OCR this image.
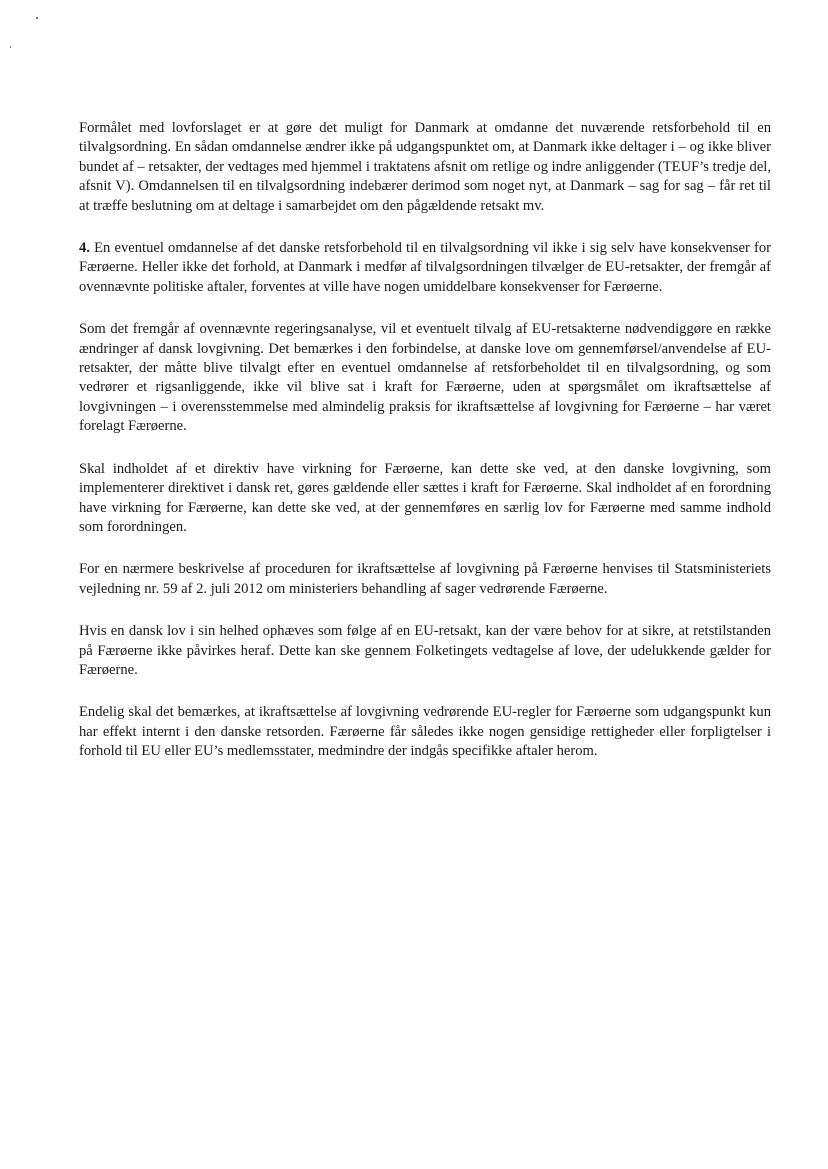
Formålet med lovforslaget er at gøre det muligt for Danmark at omdanne det nuværende retsforbehold til en tilvalgsordning. En sådan omdannelse ændrer ikke på udgangspunktet om, at Danmark ikke deltager i – og ikke bliver bundet af – retsakter, der vedtages med hjemmel i traktatens afsnit om retlige og indre anliggender (TEUF’s tredje del, afsnit V). Omdannelsen til en tilvalgsordning indebærer derimod som noget nyt, at Danmark – sag for sag – får ret til at træffe beslutning om at deltage i samarbejdet om den pågældende retsakt mv.

4. En eventuel omdannelse af det danske retsforbehold til en tilvalgsordning vil ikke i sig selv have konsekvenser for Færøerne. Heller ikke det forhold, at Danmark i medfør af tilvalgsordningen tilvælger de EU-retsakter, der fremgår af ovennævnte politiske aftaler, forventes at ville have nogen umiddelbare konsekvenser for Færøerne.

Som det fremgår af ovennævnte regeringsanalyse, vil et eventuelt tilvalg af EU-retsakterne nødvendiggøre en række ændringer af dansk lovgivning. Det bemærkes i den forbindelse, at danske love om gennemførsel/anvendelse af EU-retsakter, der måtte blive tilvalgt efter en eventuel omdannelse af retsforbeholdet til en tilvalgsordning, og som vedrører et rigsanliggende, ikke vil blive sat i kraft for Færøerne, uden at spørgsmålet om ikraftsættelse af lovgivningen – i overensstemmelse med almindelig praksis for ikraftsættelse af lovgivning for Færøerne – har været forelagt Færøerne.

Skal indholdet af et direktiv have virkning for Færøerne, kan dette ske ved, at den danske lovgivning, som implementerer direktivet i dansk ret, gøres gældende eller sættes i kraft for Færøerne. Skal indholdet af en forordning have virkning for Færøerne, kan dette ske ved, at der gennemføres en særlig lov for Færøerne med samme indhold som forordningen.

For en nærmere beskrivelse af proceduren for ikraftsættelse af lovgivning på Færøerne henvises til Statsministeriets vejledning nr. 59 af 2. juli 2012 om ministeriers behandling af sager vedrørende Færøerne.

Hvis en dansk lov i sin helhed ophæves som følge af en EU-retsakt, kan der være behov for at sikre, at retstilstanden på Færøerne ikke påvirkes heraf. Dette kan ske gennem Folketingets vedtagelse af love, der udelukkende gælder for Færøerne.

Endelig skal det bemærkes, at ikraftsættelse af lovgivning vedrørende EU-regler for Færøerne som udgangspunkt kun har effekt internt i den danske retsorden. Færøerne får således ikke nogen gensidige rettigheder eller forpligtelser i forhold til EU eller EU’s medlemsstater, medmindre der indgås specifikke aftaler herom.
